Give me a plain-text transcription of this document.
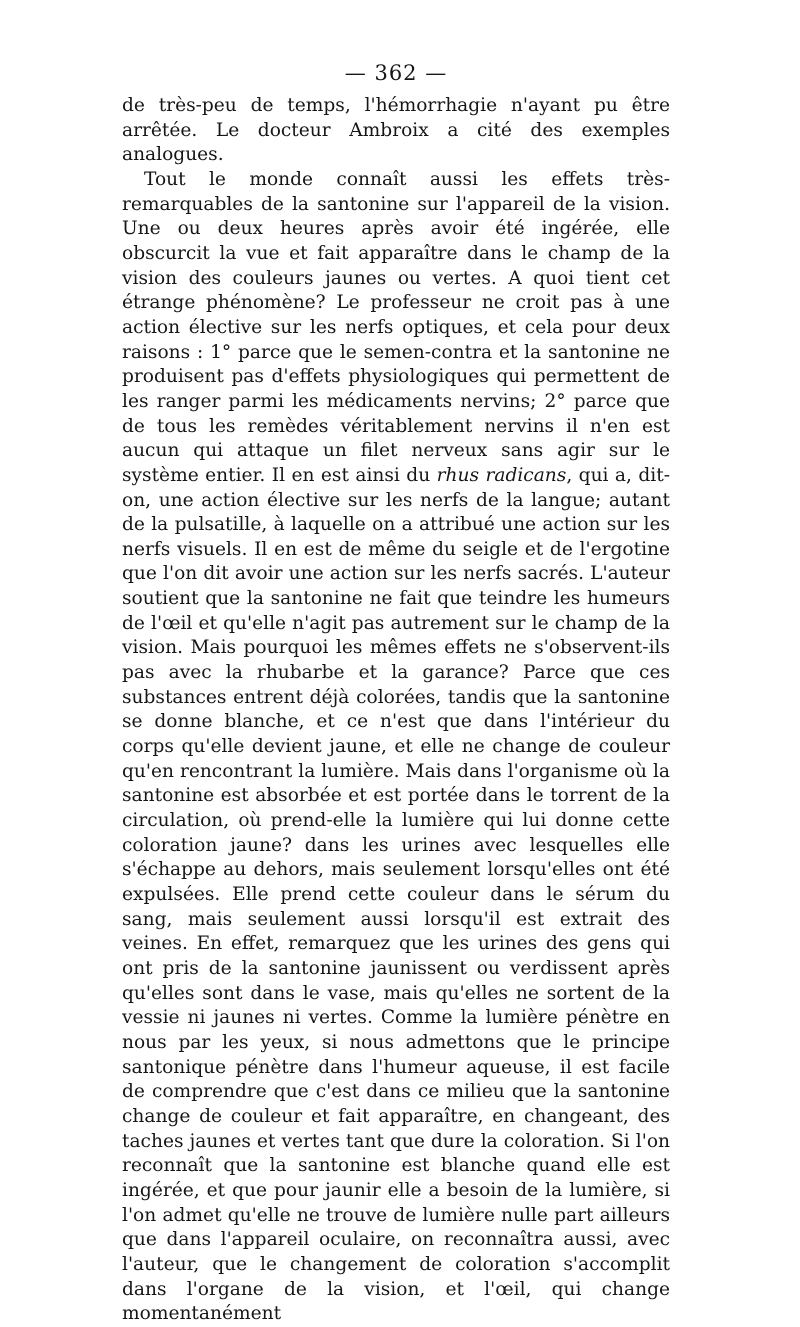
— 362 —

de très-peu de temps, l'hémorrhagie n'ayant pu être arrêtée. Le docteur Ambroix a cité des exemples analogues.

Tout le monde connaît aussi les effets très-remarquables de la santonine sur l'appareil de la vision. Une ou deux heures après avoir été ingérée, elle obscurcit la vue et fait apparaître dans le champ de la vision des couleurs jaunes ou vertes. A quoi tient cet étrange phénomène? Le professeur ne croit pas à une action élective sur les nerfs optiques, et cela pour deux raisons : 1° parce que le semen-contra et la santonine ne produisent pas d'effets physiologiques qui permettent de les ranger parmi les médicaments nervins; 2° parce que de tous les remèdes véritablement nervins il n'en est aucun qui attaque un filet nerveux sans agir sur le système entier. Il en est ainsi du rhus radicans, qui a, dit-on, une action élective sur les nerfs de la langue; autant de la pulsatille, à laquelle on a attribué une action sur les nerfs visuels. Il en est de même du seigle et de l'ergotine que l'on dit avoir une action sur les nerfs sacrés. L'auteur soutient que la santonine ne fait que teindre les humeurs de l'œil et qu'elle n'agit pas autrement sur le champ de la vision. Mais pourquoi les mêmes effets ne s'observent-ils pas avec la rhubarbe et la garance? Parce que ces substances entrent déjà colorées, tandis que la santonine se donne blanche, et ce n'est que dans l'intérieur du corps qu'elle devient jaune, et elle ne change de couleur qu'en rencontrant la lumière. Mais dans l'organisme où la santonine est absorbée et est portée dans le torrent de la circulation, où prend-elle la lumière qui lui donne cette coloration jaune? dans les urines avec lesquelles elle s'échappe au dehors, mais seulement lorsqu'elles ont été expulsées. Elle prend cette couleur dans le sérum du sang, mais seulement aussi lorsqu'il est extrait des veines. En effet, remarquez que les urines des gens qui ont pris de la santonine jaunissent ou verdissent après qu'elles sont dans le vase, mais qu'elles ne sortent de la vessie ni jaunes ni vertes. Comme la lumière pénètre en nous par les yeux, si nous admettons que le principe santonique pénètre dans l'humeur aqueuse, il est facile de comprendre que c'est dans ce milieu que la santonine change de couleur et fait apparaître, en changeant, des taches jaunes et vertes tant que dure la coloration. Si l'on reconnaît que la santonine est blanche quand elle est ingérée, et que pour jaunir elle a besoin de la lumière, si l'on admet qu'elle ne trouve de lumière nulle part ailleurs que dans l'appareil oculaire, on reconnaîtra aussi, avec l'auteur, que le changement de coloration s'accomplit dans l'organe de la vision, et l'œil, qui change momentanément
